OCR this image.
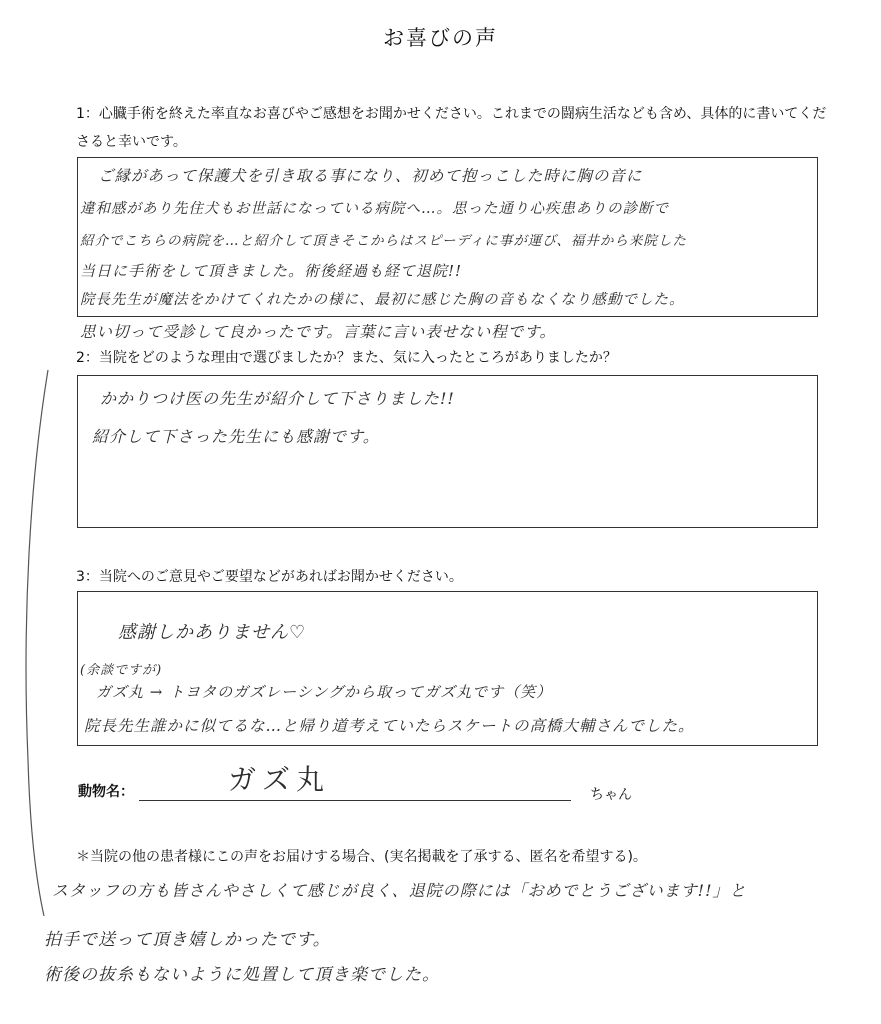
お喜びの声
1：心臓手術を終えた率直なお喜びやご感想をお聞かせください。これまでの闘病生活なども含め、具体的に書いてくださると幸いです。
ご縁があって保護犬を引き取る事になり、初めて抱っこした時に胸の音に
違和感があり先住犬もお世話になっている病院へ…。思った通り心疾患ありの診断で
紹介でこちらの病院を…と紹介して頂きそこからはスピーディに事が運び、福井から来院した
当日に手術をして頂きました。術後経過も経て退院!!
院長先生が魔法をかけてくれたかの様に、最初に感じた胸の音もなくなり感動でした。
思い切って受診して良かったです。言葉に言い表せない程です。
2：当院をどのような理由で選びましたか？また、気に入ったところがありましたか？
かかりつけ医の先生が紹介して下さりました!!
紹介して下さった先生にも感謝です。
3：当院へのご意見やご要望などがあればお聞かせください。
感謝しかありません♡
(余談ですが)
ガズ丸 → トヨタのガズレーシングから取ってガズ丸です（笑）
院長先生誰かに似てるな…と帰り道考えていたらスケートの高橋大輔さんでした。
動物名：	ガズ丸	ちゃん
＊当院の他の患者様にこの声をお届けする場合、(実名掲載を了承する、匿名を希望する)。
スタッフの方も皆さんやさしくて感じが良く、退院の際には「おめでとうございます!!」と
拍手で送って頂き嬉しかったです。
術後の抜糸もないように処置して頂き楽でした。
